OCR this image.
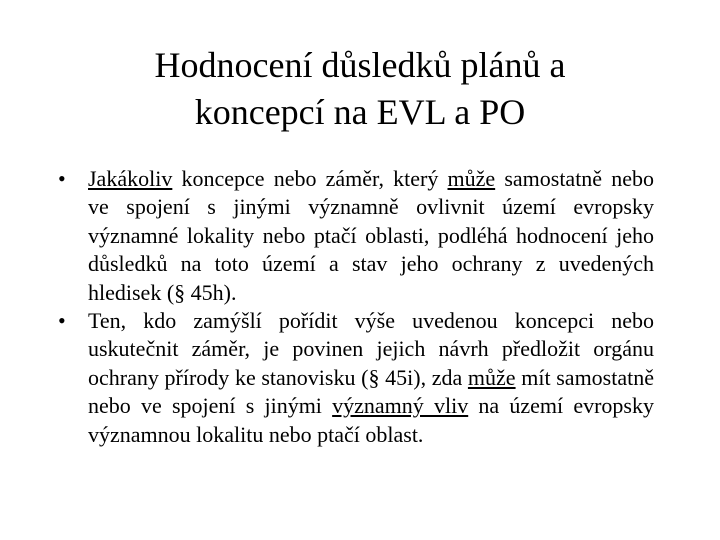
Hodnocení důsledků plánů a
koncepcí na EVL a PO
•	Jakákoliv koncepce nebo záměr, který může samostatně nebo ve spojení s jinými významně ovlivnit území evropsky významné lokality nebo ptačí oblasti, podléhá hodnocení jeho důsledků na toto území a stav jeho ochrany z uvedených hledisek (§ 45h).
•	Ten, kdo zamýšlí pořídit výše uvedenou koncepci nebo uskutečnit záměr, je povinen jejich návrh předložit orgánu ochrany přírody ke stanovisku (§ 45i), zda může mít samostatně nebo ve spojení s jinými významný vliv na území evropsky významnou lokalitu nebo ptačí oblast.
